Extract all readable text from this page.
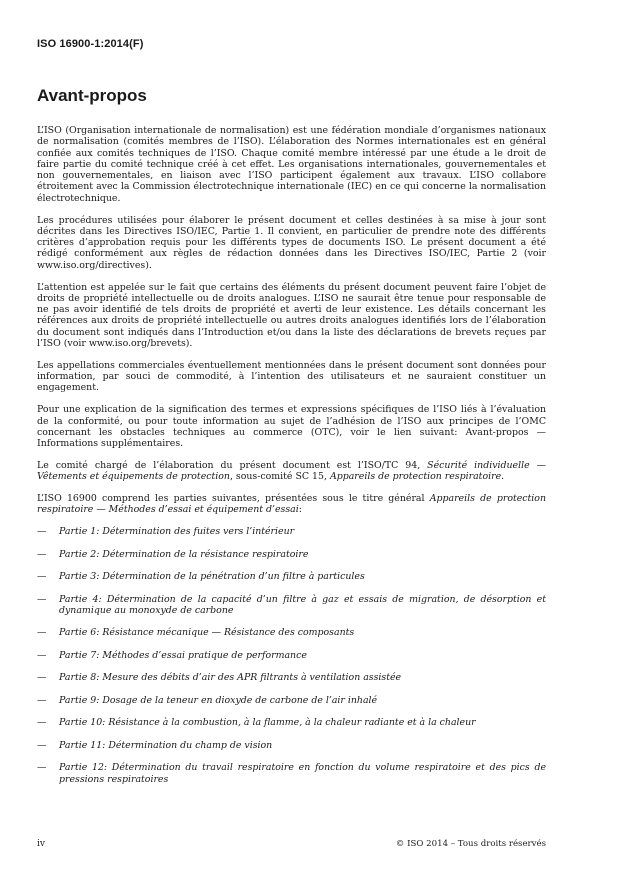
ISO 16900-1:2014(F)
Avant-propos

L’ISO (Organisation internationale de normalisation) est une fédération mondiale d’organismes nationaux de normalisation (comités membres de l’ISO). L’élaboration des Normes internationales est en général confiée aux comités techniques de l’ISO. Chaque comité membre intéressé par une étude a le droit de faire partie du comité technique créé à cet effet. Les organisations internationales, gouvernementales et non gouvernementales, en liaison avec l’ISO participent également aux travaux. L’ISO collabore étroitement avec la Commission électrotechnique internationale (IEC) en ce qui concerne la normalisation électrotechnique.

Les procédures utilisées pour élaborer le présent document et celles destinées à sa mise à jour sont décrites dans les Directives ISO/IEC, Partie 1. Il convient, en particulier de prendre note des différents critères d’approbation requis pour les différents types de documents ISO. Le présent document a été rédigé conformément aux règles de rédaction données dans les Directives ISO/IEC, Partie 2 (voir www.iso.org/directives).

L’attention est appelée sur le fait que certains des éléments du présent document peuvent faire l’objet de droits de propriété intellectuelle ou de droits analogues. L’ISO ne saurait être tenue pour responsable de ne pas avoir identifié de tels droits de propriété et averti de leur existence. Les détails concernant les références aux droits de propriété intellectuelle ou autres droits analogues identifiés lors de l’élaboration du document sont indiqués dans l’Introduction et/ou dans la liste des déclarations de brevets reçues par l’ISO (voir www.iso.org/brevets).

Les appellations commerciales éventuellement mentionnées dans le présent document sont données pour information, par souci de commodité, à l’intention des utilisateurs et ne sauraient constituer un engagement.

Pour une explication de la signification des termes et expressions spécifiques de l’ISO liés à l’évaluation de la conformité, ou pour toute information au sujet de l’adhésion de l’ISO aux principes de l’OMC concernant les obstacles techniques au commerce (OTC), voir le lien suivant: Avant-propos — Informations supplémentaires.

Le comité chargé de l’élaboration du présent document est l’ISO/TC 94, Sécurité individuelle — Vêtements et équipements de protection, sous-comité SC 15, Appareils de protection respiratoire.

L’ISO 16900 comprend les parties suivantes, présentées sous le titre général Appareils de protection respiratoire — Méthodes d’essai et équipement d’essai:

— Partie 1: Détermination des fuites vers l’intérieur
— Partie 2: Détermination de la résistance respiratoire
— Partie 3: Détermination de la pénétration d’un filtre à particules
— Partie 4: Détermination de la capacité d’un filtre à gaz et essais de migration, de désorption et dynamique au monoxyde de carbone
— Partie 6: Résistance mécanique — Résistance des composants
— Partie 7: Méthodes d’essai pratique de performance
— Partie 8: Mesure des débits d’air des APR filtrants à ventilation assistée
— Partie 9: Dosage de la teneur en dioxyde de carbone de l’air inhalé
— Partie 10: Résistance à la combustion, à la flamme, à la chaleur radiante et à la chaleur
— Partie 11: Détermination du champ de vision
— Partie 12: Détermination du travail respiratoire en fonction du volume respiratoire et des pics de pressions respiratoires
iv	© ISO 2014 – Tous droits réservés
